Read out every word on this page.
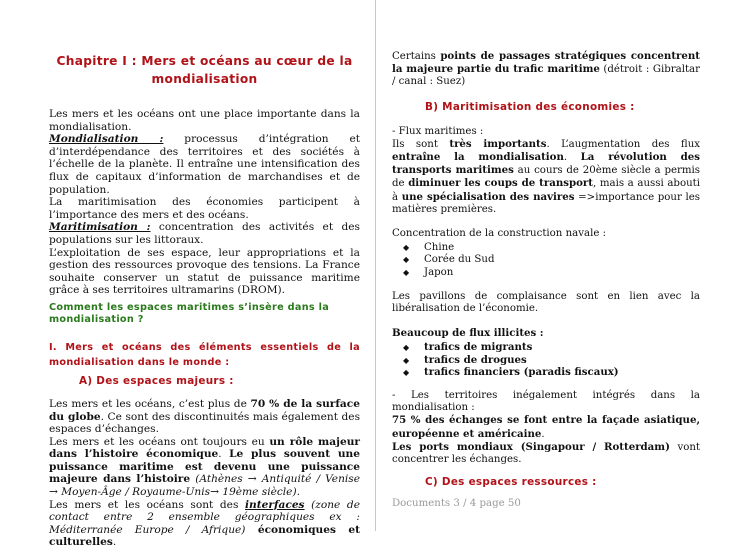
Chapitre I : Mers et océans au cœur de la
mondialisation

Les mers et les océans ont une place importante dans la mondialisation.

Mondialisation : processus d’intégration et d’interdépendance des territoires et des sociétés à l’échelle de la planète. Il entraîne une intensification des flux de capitaux d’information de marchandises et de population.

La maritimisation des économies participent à l’importance des mers et des océans.

Maritimisation : concentration des activités et des populations sur les littoraux.

L’exploitation de ses espace, leur appropriations et la gestion des ressources provoque des tensions. La France souhaite conserver un statut de puissance maritime grâce à ses territoires ultramarins (DROM).

Comment les espaces maritimes s’insère dans la mondialisation ?

I. Mers et océans des éléments essentiels de la mondialisation dans le monde :

A) Des espaces majeurs :

Les mers et les océans, c’est plus de 70 % de la surface du globe. Ce sont des discontinuités mais également des espaces d’échanges.

Les mers et les océans ont toujours eu un rôle majeur dans l’histoire économique. Le plus souvent une puissance maritime est devenu une puissance majeure dans l’histoire (Athènes → Antiquité / Venise → Moyen-Âge / Royaume-Unis→ 19ème siècle).

Les mers et les océans sont des interfaces (zone de contact entre 2 ensemble géographiques ex : Méditerranée Europe / Afrique) économiques et culturelles.

Certains points de passages stratégiques concentrent la majeure partie du trafic maritime (détroit : Gibraltar / canal : Suez)

B) Maritimisation des économies :

- Flux maritimes :

Ils sont très importants. L’augmentation des flux entraîne la mondialisation. La révolution des transports maritimes au cours de 20ème siècle a permis de diminuer les coups de transport, mais a aussi abouti à une spécialisation des navires =>importance pour les matières premières.

Concentration de la construction navale :

◆ Chine
◆ Corée du Sud
◆ Japon

Les pavillons de complaisance sont en lien avec la libéralisation de l’économie.

Beaucoup de flux illicites :

◆ trafics de migrants
◆ trafics de drogues
◆ trafics financiers (paradis fiscaux)

- Les territoires inégalement intégrés dans la mondialisation :

75 % des échanges se font entre la façade asiatique, européenne et américaine.

Les ports mondiaux (Singapour / Rotterdam) vont concentrer les échanges.

C) Des espaces ressources :

Documents 3 / 4 page 50
